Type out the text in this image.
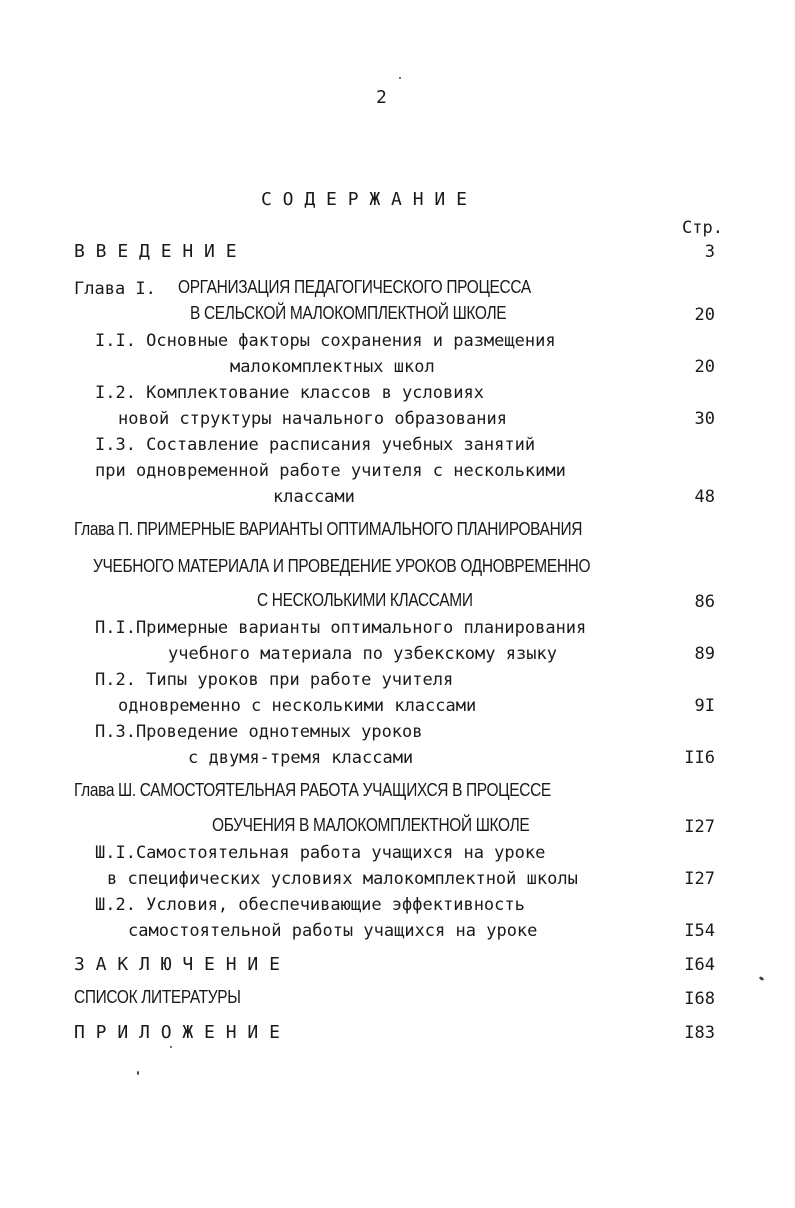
2
С О Д Е Р Ж А Н И Е
Стр.
В В Е Д Е Н И Е	3
Глава I. ОРГАНИЗАЦИЯ ПЕДАГОГИЧЕСКОГО ПРОЦЕССА
В СЕЛЬСКОЙ МАЛОКОМПЛЕКТНОЙ ШКОЛЕ	20
I.I. Основные факторы сохранения и размещения
малокомплектных школ	20
I.2. Комплектование классов в условиях
новой структуры начального образования	30
I.3. Составление расписания учебных занятий
при одновременной работе учителя с несколькими
классами	48
Глава П. ПРИМЕРНЫЕ ВАРИАНТЫ ОПТИМАЛЬНОГО ПЛАНИРОВАНИЯ
УЧЕБНОГО МАТЕРИАЛА И ПРОВЕДЕНИЕ УРОКОВ ОДНОВРЕМЕННО
С НЕСКОЛЬКИМИ КЛАССАМИ	86
П.I.Примерные варианты оптимального планирования
учебного материала по узбекскому языку	89
П.2. Типы уроков при работе учителя
одновременно с несколькими классами	9I
П.3.Проведение однотемных уроков
с двумя-тремя классами	II6
Глава Ш. САМОСТОЯТЕЛЬНАЯ РАБОТА УЧАЩИХСЯ В ПРОЦЕССЕ
ОБУЧЕНИЯ В МАЛОКОМПЛЕКТНОЙ ШКОЛЕ	I27
Ш.I.Самостоятельная работа учащихся на уроке
в специфических условиях малокомплектной школы	I27
Ш.2. Условия, обеспечивающие эффективность
самостоятельной работы учащихся на уроке	I54
З А К Л Ю Ч Е Н И Е	I64
СПИСОК ЛИТЕРАТУРЫ	I68
П Р И Л О Ж Е Н И Е	I83
